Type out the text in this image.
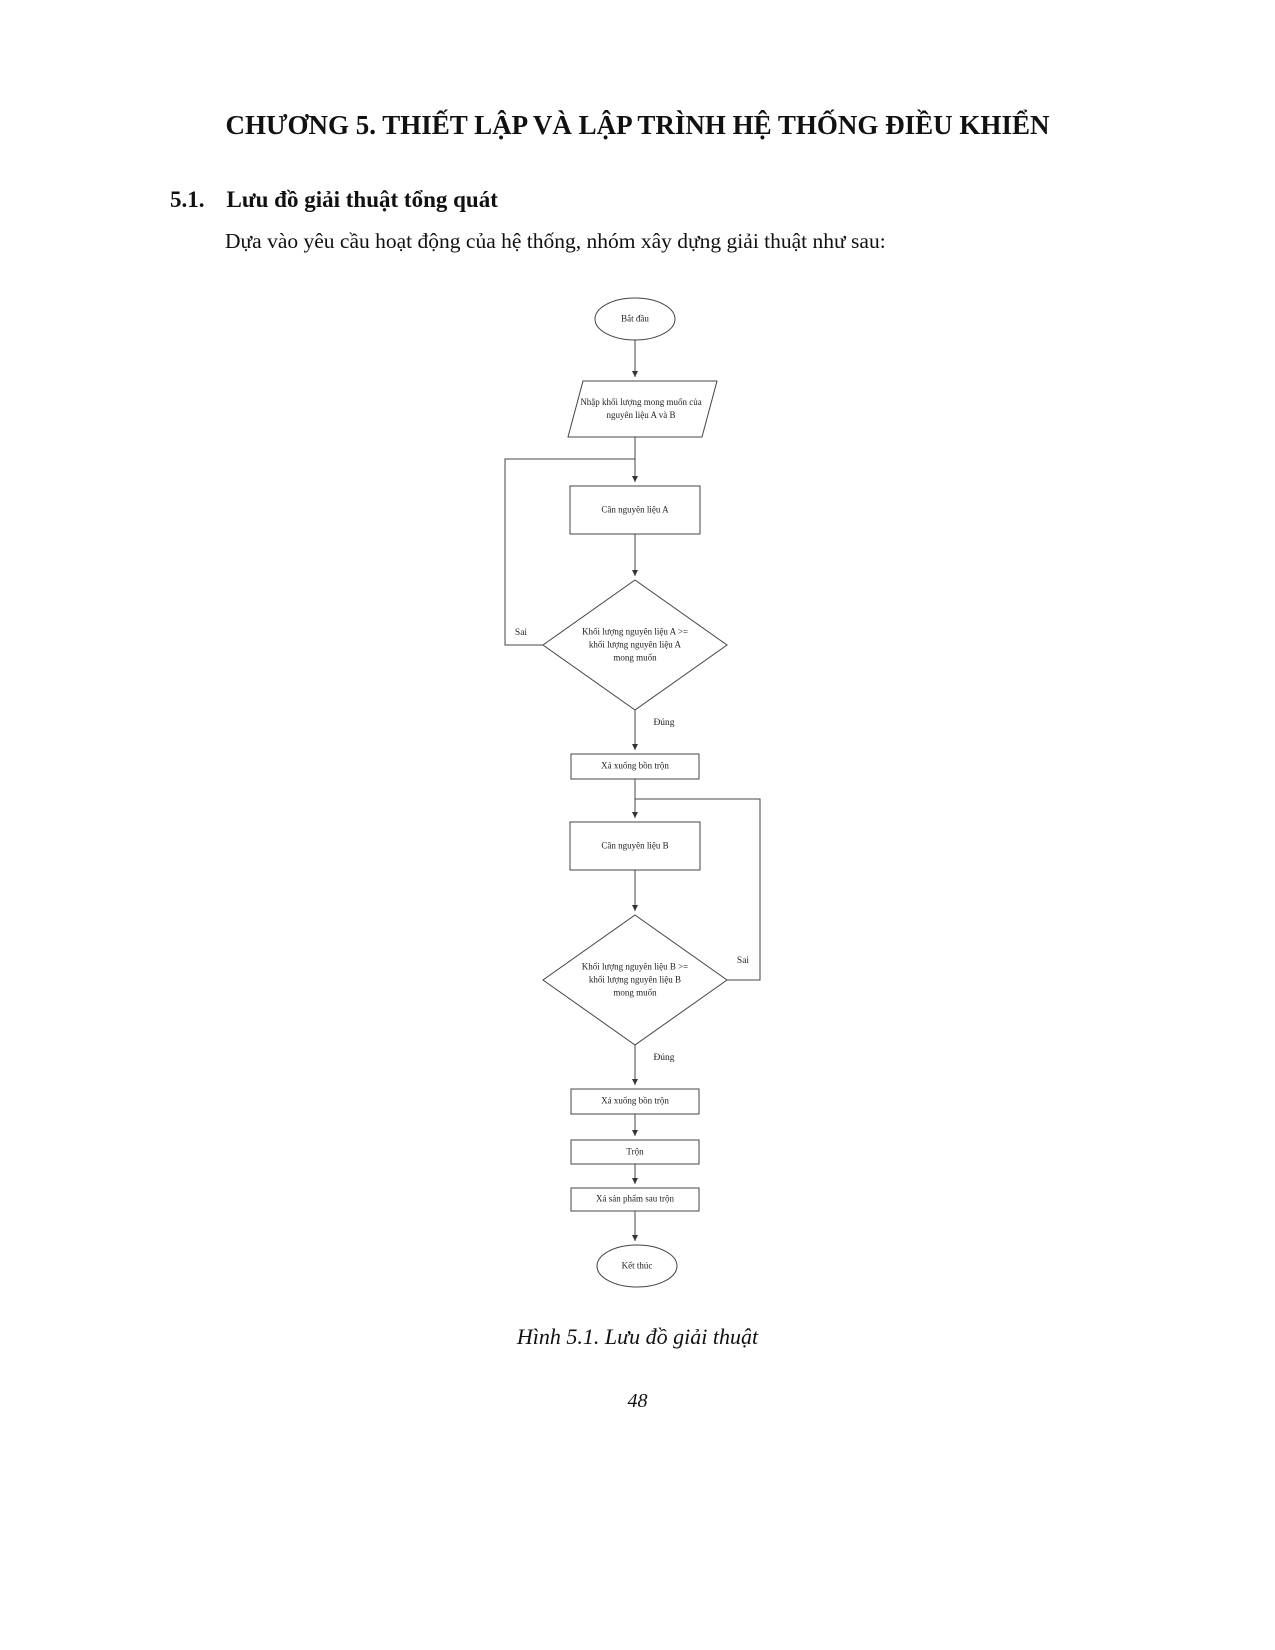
CHƯƠNG 5. THIẾT LẬP VÀ LẬP TRÌNH HỆ THỐNG ĐIỀU KHIỂN
5.1. Lưu đồ giải thuật tổng quát
Dựa vào yêu cầu hoạt động của hệ thống, nhóm xây dựng giải thuật như sau:
Bắt đầu
Nhập khối lượng mong muốn của nguyên liệu A và B
Cân nguyên liệu A
Khối lượng nguyên liệu A >= khối lượng nguyên liệu A mong muốn
Xả xuống bồn trộn
Cân nguyên liệu B
Khối lượng nguyên liệu B >= khối lượng nguyên liệu B mong muốn
Xả xuống bồn trộn
Trộn
Xả sản phẩm sau trộn
Kết thúc
Sai
Đúng
Sai
Đúng
Hình 5.1. Lưu đồ giải thuật
48
